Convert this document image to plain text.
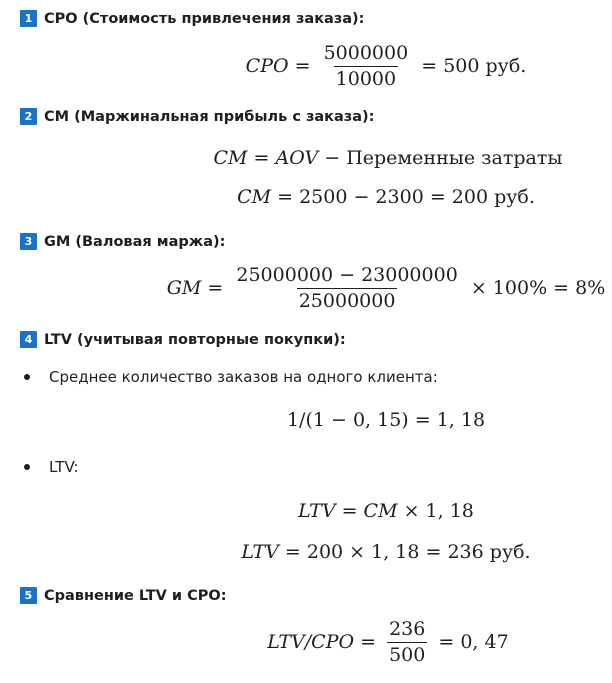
1 CPO (Стоимость привлечения заказа):
CPO = $\frac{5000000}{10000} = 500$ руб.
2 CM (Маржинальная прибыль с заказа):
CM = AOV − Переменные затраты
CM = 2500 − 2300 = 200 руб.
3 GM (Валовая маржа):
GM = $\frac{25000000 - 23000000}{25000000} \times 100\% = 8\%$
4 LTV (учитывая повторные покупки):
Среднее количество заказов на одного клиента:
1/(1 − 0, 15) = 1, 18
LTV:
LTV = CM × 1, 18
LTV = 200 × 1, 18 = 236 руб.
5 Сравнение LTV и CPO:
$LTV/CPO = \frac{236}{500} = 0$, 47
